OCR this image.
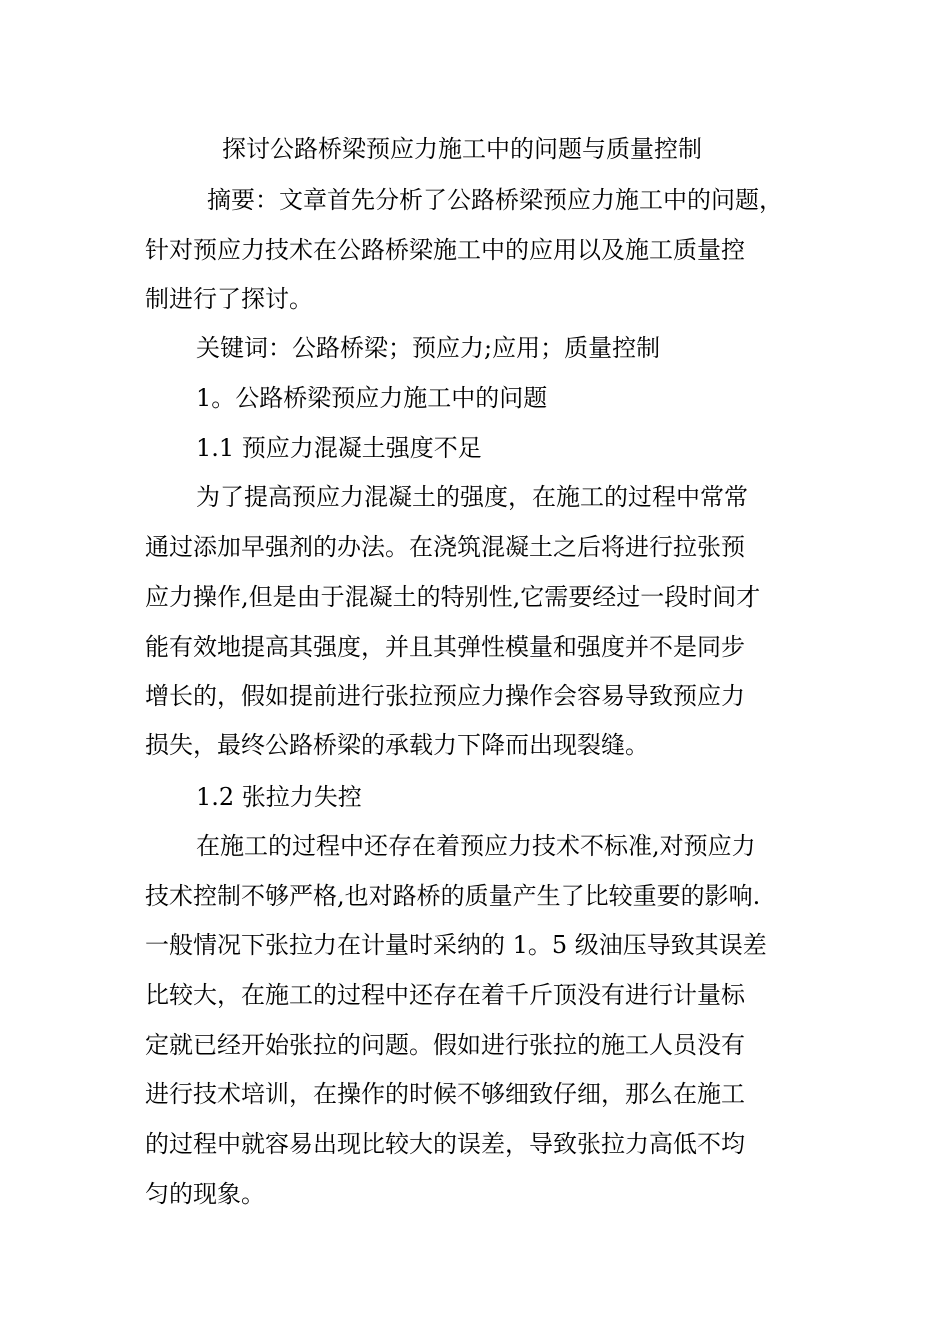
探讨公路桥梁预应力施工中的问题与质量控制
摘要：文章首先分析了公路桥梁预应力施工中的问题，
针对预应力技术在公路桥梁施工中的应用以及施工质量控
制进行了探讨。
关键词：公路桥梁；预应力;应用；质量控制
1。公路桥梁预应力施工中的问题
1.1 预应力混凝土强度不足
为了提高预应力混凝土的强度，在施工的过程中常常
通过添加早强剂的办法。在浇筑混凝土之后将进行拉张预
应力操作,但是由于混凝土的特别性,它需要经过一段时间才
能有效地提高其强度，并且其弹性模量和强度并不是同步
增长的，假如提前进行张拉预应力操作会容易导致预应力
损失，最终公路桥梁的承载力下降而出现裂缝。
1.2 张拉力失控
在施工的过程中还存在着预应力技术不标准,对预应力
技术控制不够严格,也对路桥的质量产生了比较重要的影响.
一般情况下张拉力在计量时采纳的 1。5 级油压导致其误差
比较大，在施工的过程中还存在着千斤顶没有进行计量标
定就已经开始张拉的问题。假如进行张拉的施工人员没有
进行技术培训，在操作的时候不够细致仔细，那么在施工
的过程中就容易出现比较大的误差，导致张拉力高低不均
匀的现象。
